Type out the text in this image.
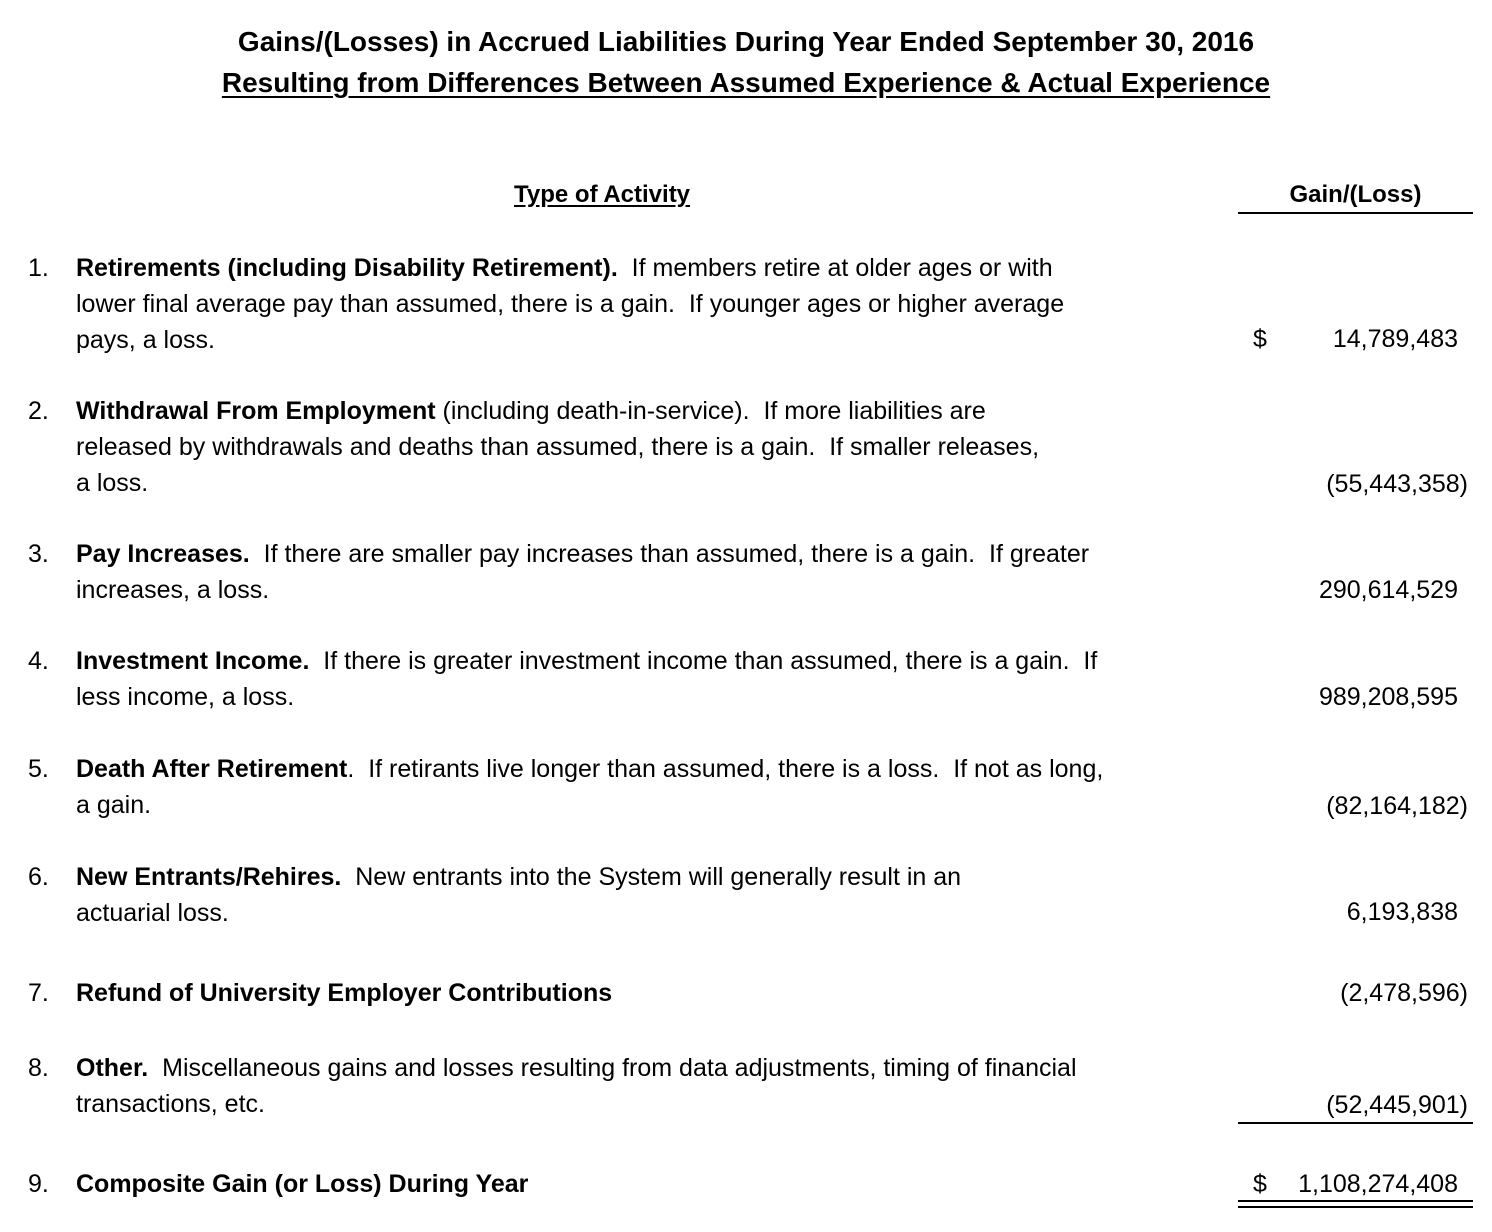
Gains/(Losses) in Accrued Liabilities During Year Ended September 30, 2016
Resulting from Differences Between Assumed Experience & Actual Experience
Type of Activity	Gain/(Loss)
1. Retirements (including Disability Retirement).  If members retire at older ages or with
lower final average pay than assumed, there is a gain.  If younger ages or higher average
pays, a loss.	14,789,483
2. Withdrawal From Employment (including death-in-service).  If more liabilities are
released by withdrawals and deaths than assumed, there is a gain.  If smaller releases,
a loss.	(55,443,358)
3. Pay Increases.  If there are smaller pay increases than assumed, there is a gain.  If greater
increases, a loss.	290,614,529
4. Investment Income.  If there is greater investment income than assumed, there is a gain.  If
less income, a loss.	989,208,595
5. Death After Retirement.  If retirants live longer than assumed, there is a loss.  If not as long,
a gain.	(82,164,182)
6. New Entrants/Rehires.  New entrants into the System will generally result in an
actuarial loss.	6,193,838
7. Refund of University Employer Contributions	(2,478,596)
8. Other.  Miscellaneous gains and losses resulting from data adjustments, timing of financial
transactions, etc.	(52,445,901)
9. Composite Gain (or Loss) During Year	1,108,274,408
$
$
